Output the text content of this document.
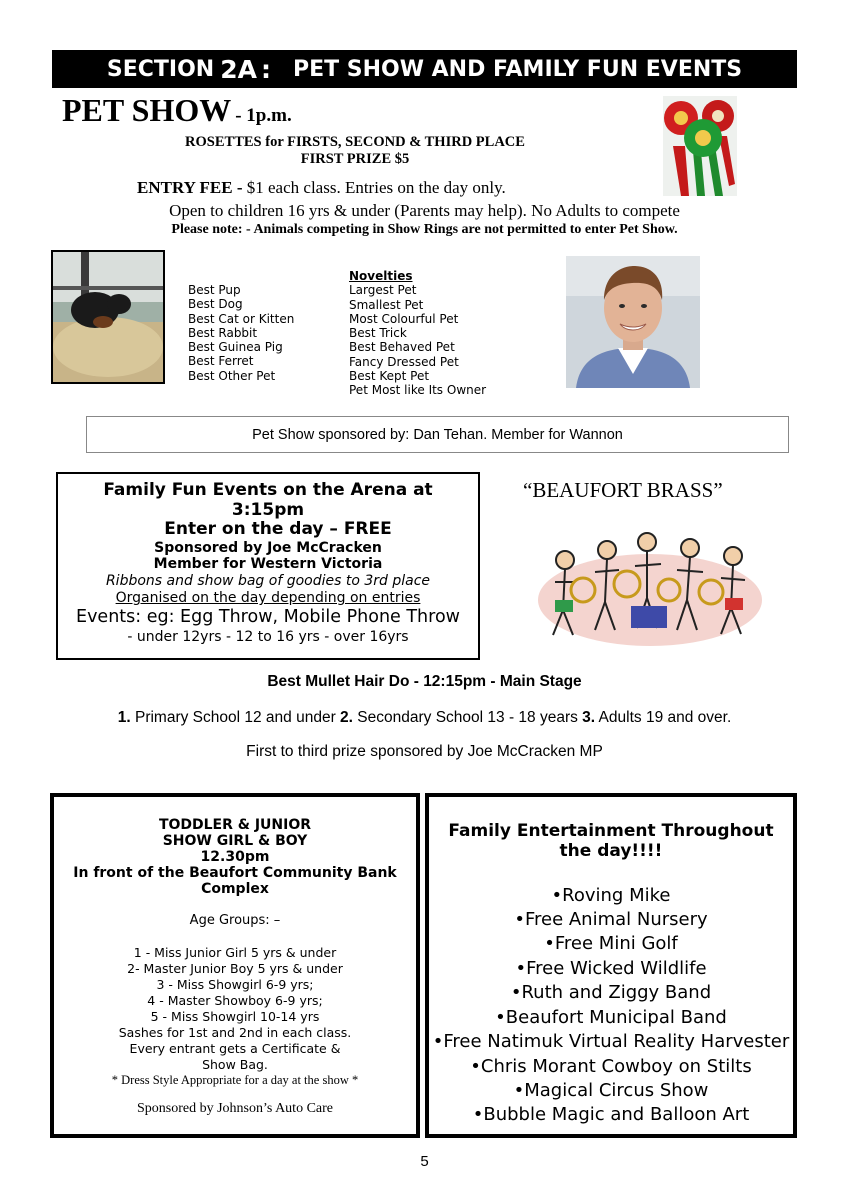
SECTION 2A : PET SHOW AND FAMILY FUN EVENTS
PET SHOW - 1p.m.
ROSETTES for FIRSTS, SECOND & THIRD PLACE
FIRST PRIZE $5
ENTRY FEE - $1 each class. Entries on the day only.
Open to children 16 yrs & under (Parents may help). No Adults to compete
Please note: - Animals competing in Show Rings are not permitted to enter Pet Show.
Best Pup
Best Dog
Best Cat or Kitten
Best Rabbit
Best Guinea Pig
Best Ferret
Best Other Pet
Novelties
Largest Pet
Smallest Pet
Most Colourful Pet
Best Trick
Best Behaved Pet
Fancy Dressed Pet
Best Kept Pet
Pet Most like Its Owner
Pet Show sponsored by: Dan Tehan. Member for Wannon
Family Fun Events on the Arena at
3:15pm
Enter on the day – FREE
Sponsored by Joe McCracken
Member for Western Victoria
Ribbons and show bag of goodies to 3rd place
Organised on the day depending on entries
Events: eg: Egg Throw, Mobile Phone Throw
- under 12yrs - 12 to 16 yrs - over 16yrs
“BEAUFORT BRASS”
Best Mullet Hair Do - 12:15pm - Main Stage
1. Primary School 12 and under 2. Secondary School 13 - 18 years 3. Adults 19 and over.
First to third prize sponsored by Joe McCracken MP
TODDLER & JUNIOR
SHOW GIRL & BOY
12.30pm
In front of the Beaufort Community Bank
Complex
Age Groups: –
1 - Miss Junior Girl 5 yrs & under
2- Master Junior Boy 5 yrs & under
3 - Miss Showgirl 6-9 yrs;
4 - Master Showboy 6-9 yrs;
5 - Miss Showgirl 10-14 yrs
Sashes for 1st and 2nd in each class.
Every entrant gets a Certificate &
Show Bag.
* Dress Style Appropriate for a day at the show *
Sponsored by Johnson’s Auto Care
Family Entertainment Throughout
the day!!!!
•Roving Mike
•Free Animal Nursery
•Free Mini Golf
•Free Wicked Wildlife
•Ruth and Ziggy Band
•Beaufort Municipal Band
•Free Natimuk Virtual Reality Harvester
•Chris Morant Cowboy on Stilts
•Magical Circus Show
•Bubble Magic and Balloon Art
5
